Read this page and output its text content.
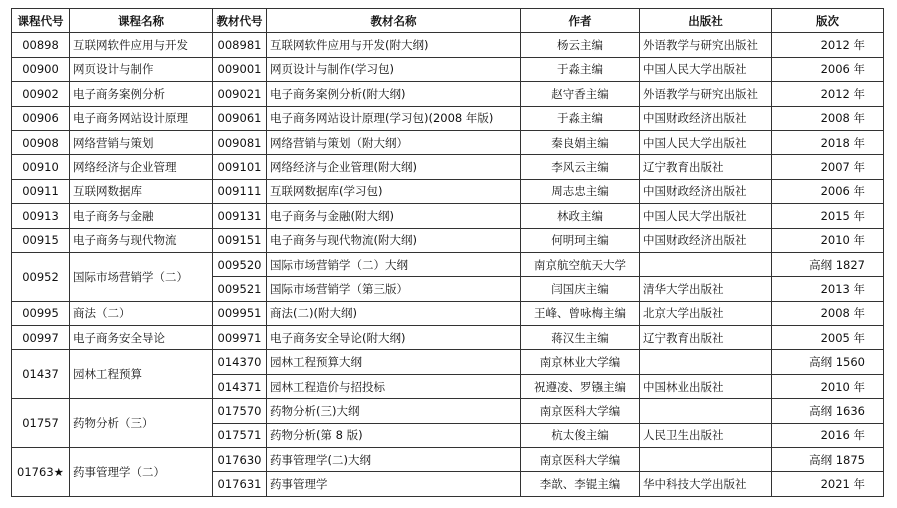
课程代号	课程名称	教材代号	教材名称	作者	出版社	版次
00898	互联网软件应用与开发	008981	互联网软件应用与开发(附大纲)	杨云主编	外语教学与研究出版社	2012 年
00900	网页设计与制作	009001	网页设计与制作(学习包)	于淼主编	中国人民大学出版社	2006 年
00902	电子商务案例分析	009021	电子商务案例分析(附大纲)	赵守香主编	外语教学与研究出版社	2012 年
00906	电子商务网站设计原理	009061	电子商务网站设计原理(学习包)(2008 年版)	于淼主编	中国财政经济出版社	2008 年
00908	网络营销与策划	009081	网络营销与策划（附大纲）	秦良娟主编	中国人民大学出版社	2018 年
00910	网络经济与企业管理	009101	网络经济与企业管理(附大纲)	李风云主编	辽宁教育出版社	2007 年
00911	互联网数据库	009111	互联网数据库(学习包)	周志忠主编	中国财政经济出版社	2006 年
00913	电子商务与金融	009131	电子商务与金融(附大纲)	林政主编	中国人民大学出版社	2015 年
00915	电子商务与现代物流	009151	电子商务与现代物流(附大纲)	何明珂主编	中国财政经济出版社	2010 年
00952	国际市场营销学（二）	009520	国际市场营销学（二）大纲	南京航空航天大学		高纲 1827
		009521	国际市场营销学（第三版）	闫国庆主编	清华大学出版社	2013 年
00995	商法（二）	009951	商法(二)(附大纲)	王峰、曾咏梅主编	北京大学出版社	2008 年
00997	电子商务安全导论	009971	电子商务安全导论(附大纲)	蒋汉生主编	辽宁教育出版社	2005 年
01437	园林工程预算	014370	园林工程预算大纲	南京林业大学编		高纲 1560
		014371	园林工程造价与招投标	祝遵凌、罗镪主编	中国林业出版社	2010 年
01757	药物分析（三）	017570	药物分析(三)大纲	南京医科大学编		高纲 1636
		017571	药物分析(第 8 版)	杭太俊主编	人民卫生出版社	2016 年
01763★	药事管理学（二）	017630	药事管理学(二)大纲	南京医科大学编		高纲 1875
		017631	药事管理学	李歆、李锟主编	华中科技大学出版社	2021 年
